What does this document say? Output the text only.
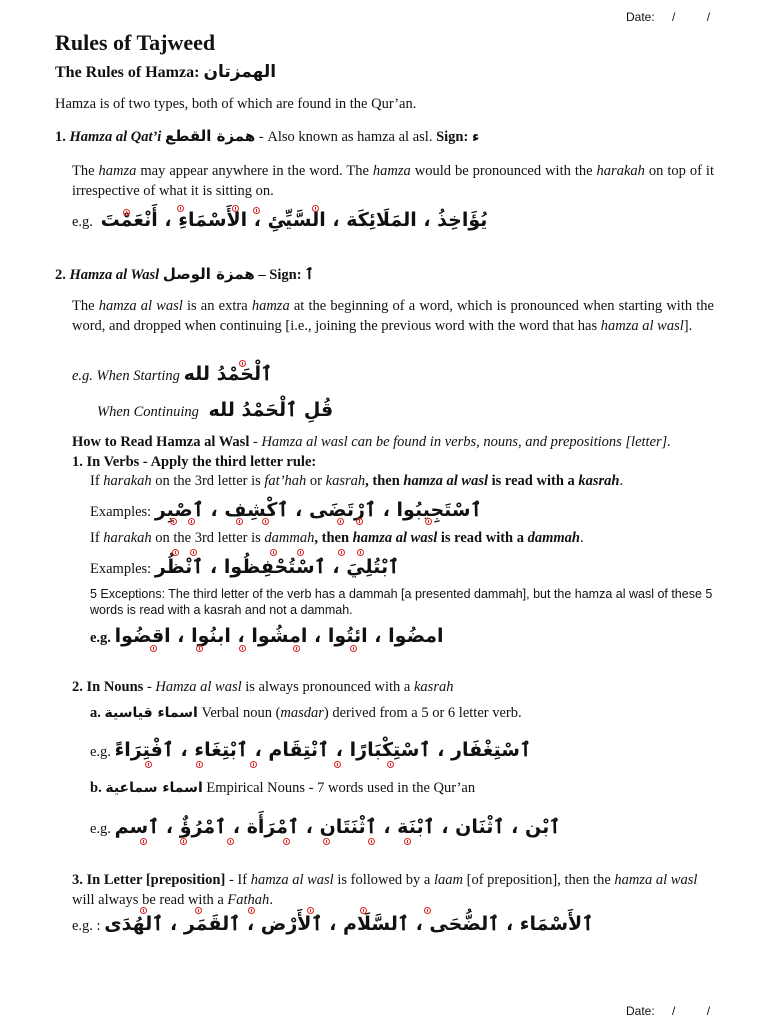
Date: / /
Rules of Tajweed
The Rules of Hamza: الهمزتان
Hamza is of two types, both of which are found in the Qur’an.
1. Hamza al Qat’i همزة القطع - Also known as hamza al asl. Sign: ء
The hamza may appear anywhere in the word. The hamza would be pronounced with the harakah on top of it irrespective of what it is sitting on.
e.g. يُؤَاخِذُ ، المَلَائِكَة ، السَّيِّئِ ، الأَسْمَاءِ ، أَنْعَمْتَ
2. Hamza al Wasl همزة الوصل – Sign: ٱ
The hamza al wasl is an extra hamza at the beginning of a word, which is pronounced when starting with the word, and dropped when continuing [i.e., joining the previous word with the word that has hamza al wasl].
e.g. When Starting ٱلْحَمْدُ لله
When Continuing قُلِ ٱلْحَمْدُ لله
How to Read Hamza al Wasl - Hamza al wasl can be found in verbs, nouns, and prepositions [letter].
1. In Verbs - Apply the third letter rule:
If harakah on the 3rd letter is fat’hah or kasrah, then hamza al wasl is read with a kasrah.
Examples: ٱسْتَجِيبُوا ، ٱرْتَضَى ، ٱكْشِف ، ٱصْبِر
If harakah on the 3rd letter is dammah, then hamza al wasl is read with a dammah.
Examples: ٱبْتُلِيَ ، ٱسْتُحْفِظُوا ، ٱنْظُر
5 Exceptions: The third letter of the verb has a dammah [a presented dammah], but the hamza al wasl of these 5 words is read with a kasrah and not a dammah.
e.g. امضُوا ، ائتُوا ، امشُوا ، ابنُوا ، اقضُوا
2. In Nouns - Hamza al wasl is always pronounced with a kasrah
a. اسماء قياسية Verbal noun (masdar) derived from a 5 or 6 letter verb.
e.g. ٱسْتِغْفَار ، ٱسْتِكْبَارًا ، ٱنْتِقَام ، ٱبْتِغَاء ، ٱفْتِرَاءً
b. اسماء سماعية Empirical Nouns - 7 words used in the Qur’an
e.g. ٱبْن ، ٱثْنَان ، ٱبْنَة ، ٱثْنَتَان ، ٱمْرَأَة ، ٱمْرُؤٌ ، ٱسم
3. In Letter [preposition] - If hamza al wasl is followed by a laam [of preposition], then the hamza al wasl will always be read with a Fathah.
e.g. : ٱلأَسْمَاء ، ٱلضُّحَى ، ٱلسَّلَام ، ٱلأَرْض ، ٱلقَمَر ، ٱلهُدَى
Date: / /
